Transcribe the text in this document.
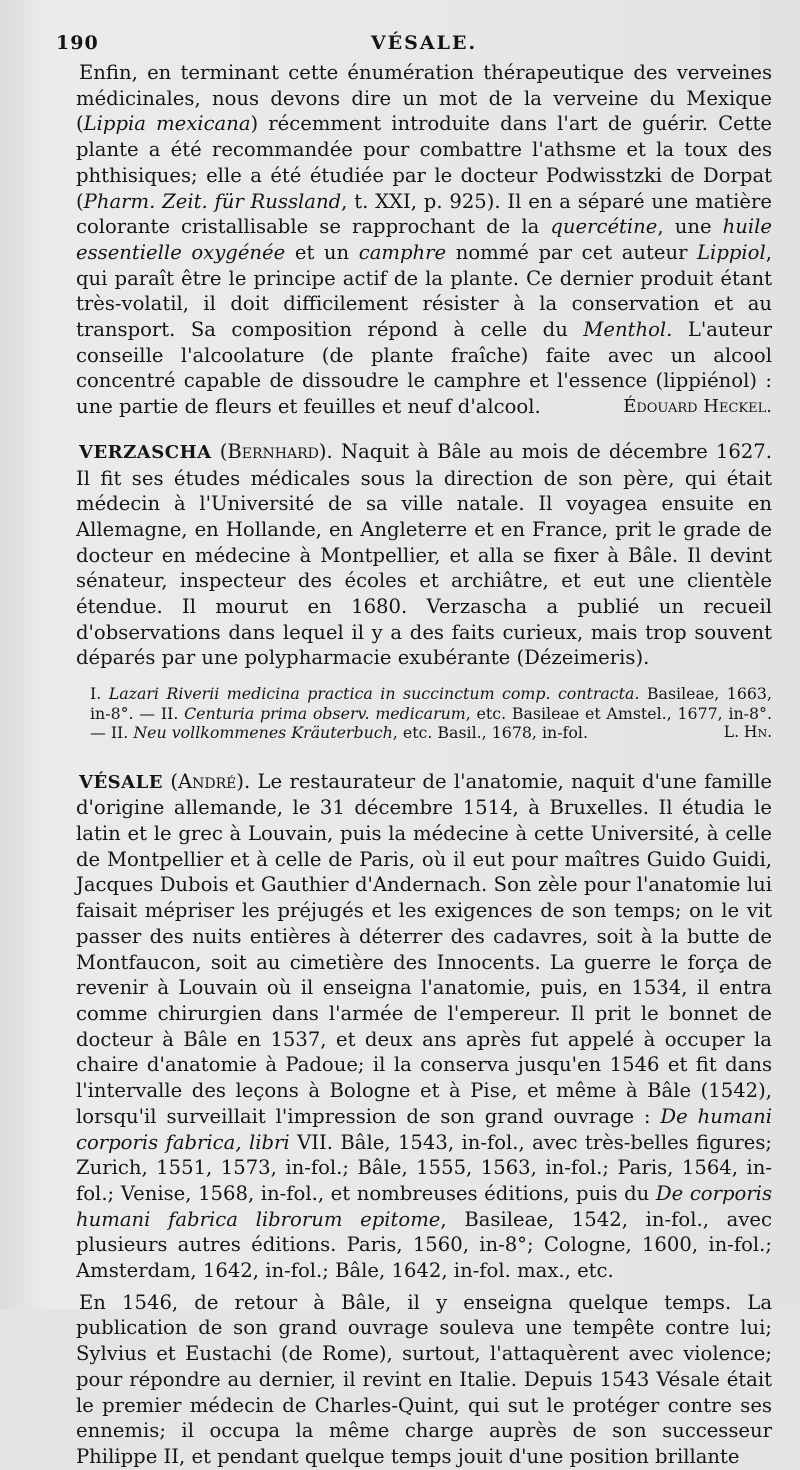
190	VÉSALE.

Enfin, en terminant cette énumération thérapeutique des verveines médicinales, nous devons dire un mot de la verveine du Mexique (Lippia mexicana) récemment introduite dans l'art de guérir. Cette plante a été recommandée pour combattre l'athsme et la toux des phthisiques; elle a été étudiée par le docteur Podwisstzki de Dorpat (Pharm. Zeit. für Russland, t. XXI, p. 925). Il en a séparé une matière colorante cristallisable se rapprochant de la quercétine, une huile essentielle oxygénée et un camphre nommé par cet auteur Lippiol, qui paraît être le principe actif de la plante. Ce dernier produit étant très-volatil, il doit difficilement résister à la conservation et au transport. Sa composition répond à celle du Menthol. L'auteur conseille l'alcoolature (de plante fraîche) faite avec un alcool concentré capable de dissoudre le camphre et l'essence (lippiénol) : une partie de fleurs et feuilles et neuf d'alcool.	Édouard Heckel.

VERZASCHA (Bernhard). Naquit à Bâle au mois de décembre 1627. Il fit ses études médicales sous la direction de son père, qui était médecin à l'Université de sa ville natale. Il voyagea ensuite en Allemagne, en Hollande, en Angleterre et en France, prit le grade de docteur en médecine à Montpellier, et alla se fixer à Bâle. Il devint sénateur, inspecteur des écoles et archiâtre, et eut une clientèle étendue. Il mourut en 1680. Verzascha a publié un recueil d'observations dans lequel il y a des faits curieux, mais trop souvent déparés par une polypharmacie exubérante (Dézeimeris).

I. Lazari Riverii medicina practica in succinctum comp. contracta. Basileae, 1663, in-8°. — II. Centuria prima observ. medicarum, etc. Basileae et Amstel., 1677, in-8°. — II. Neu vollkommenes Kräuterbuch, etc. Basil., 1678, in-fol.	L. Hn.

VÉSALE (André). Le restaurateur de l'anatomie, naquit d'une famille d'origine allemande, le 31 décembre 1514, à Bruxelles. Il étudia le latin et le grec à Louvain, puis la médecine à cette Université, à celle de Montpellier et à celle de Paris, où il eut pour maîtres Guido Guidi, Jacques Dubois et Gauthier d'Andernach. Son zèle pour l'anatomie lui faisait mépriser les préjugés et les exigences de son temps; on le vit passer des nuits entières à déterrer des cadavres, soit à la butte de Montfaucon, soit au cimetière des Innocents. La guerre le força de revenir à Louvain où il enseigna l'anatomie, puis, en 1534, il entra comme chirurgien dans l'armée de l'empereur. Il prit le bonnet de docteur à Bâle en 1537, et deux ans après fut appelé à occuper la chaire d'anatomie à Padoue; il la conserva jusqu'en 1546 et fit dans l'intervalle des leçons à Bologne et à Pise, et même à Bâle (1542), lorsqu'il surveillait l'impression de son grand ouvrage : De humani corporis fabrica, libri VII. Bâle, 1543, in-fol., avec très-belles figures; Zurich, 1551, 1573, in-fol.; Bâle, 1555, 1563, in-fol.; Paris, 1564, in-fol.; Venise, 1568, in-fol., et nombreuses éditions, puis du De corporis humani fabrica librorum epitome, Basileae, 1542, in-fol., avec plusieurs autres éditions. Paris, 1560, in-8°; Cologne, 1600, in-fol.; Amsterdam, 1642, in-fol.; Bâle, 1642, in-fol. max., etc.

En 1546, de retour à Bâle, il y enseigna quelque temps. La publication de son grand ouvrage souleva une tempête contre lui; Sylvius et Eustachi (de Rome), surtout, l'attaquèrent avec violence; pour répondre au dernier, il revint en Italie. Depuis 1543 Vésale était le premier médecin de Charles-Quint, qui sut le protéger contre ses ennemis; il occupa la même charge auprès de son successeur Philippe II, et pendant quelque temps jouit d'une position brillante
